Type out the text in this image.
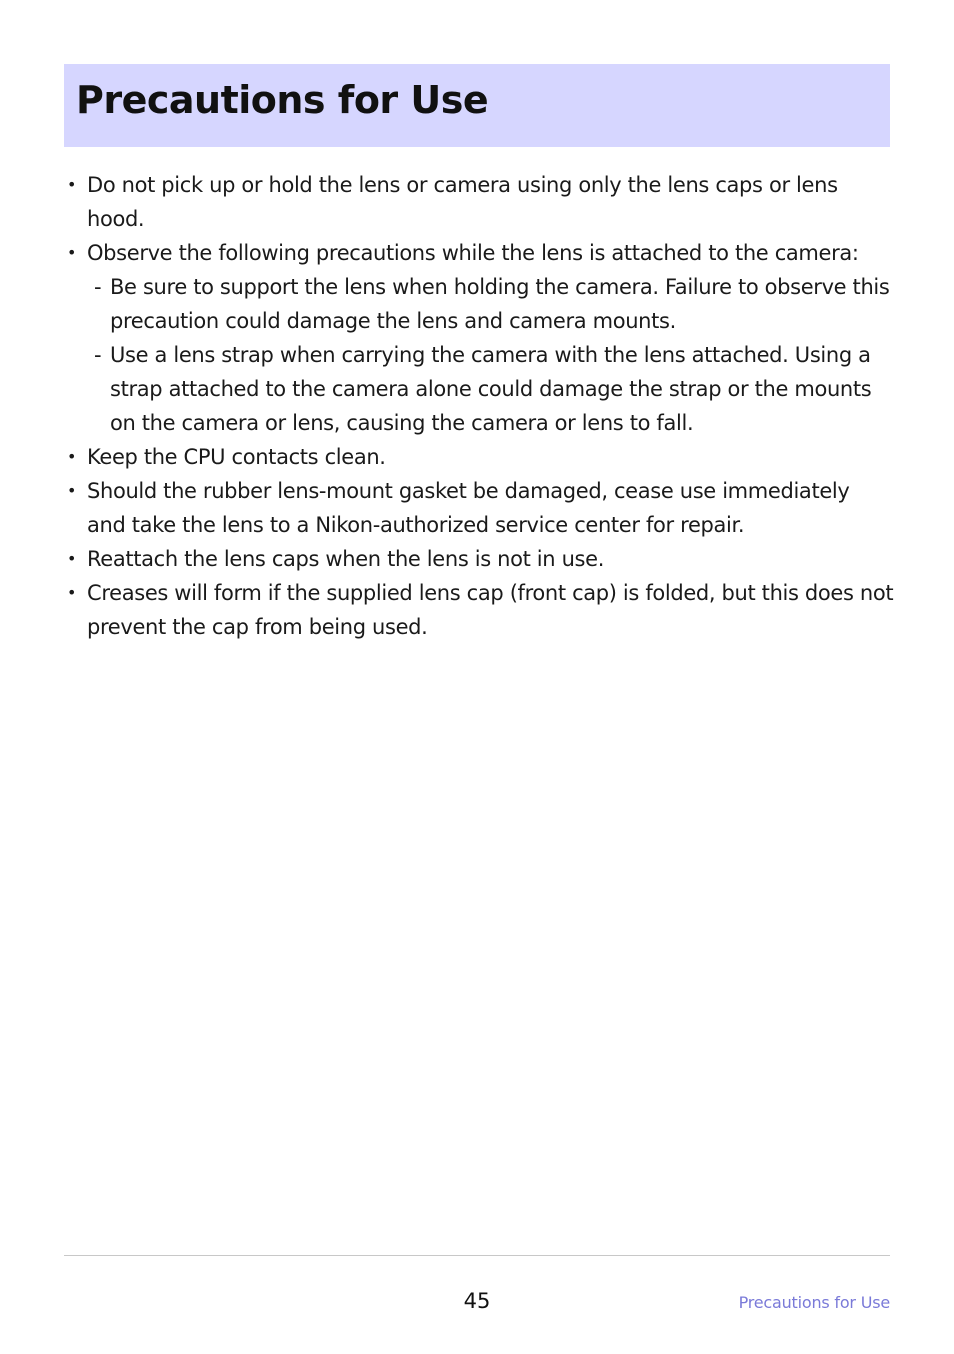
Precautions for Use
• Do not pick up or hold the lens or camera using only the lens caps or lens hood.
• Observe the following precautions while the lens is attached to the camera:
- Be sure to support the lens when holding the camera. Failure to observe this precaution could damage the lens and camera mounts.
- Use a lens strap when carrying the camera with the lens attached. Using a strap attached to the camera alone could damage the strap or the mounts on the camera or lens, causing the camera or lens to fall.
• Keep the CPU contacts clean.
• Should the rubber lens-mount gasket be damaged, cease use immediately and take the lens to a Nikon-authorized service center for repair.
• Reattach the lens caps when the lens is not in use.
• Creases will form if the supplied lens cap (front cap) is folded, but this does not prevent the cap from being used.
45	Precautions for Use
